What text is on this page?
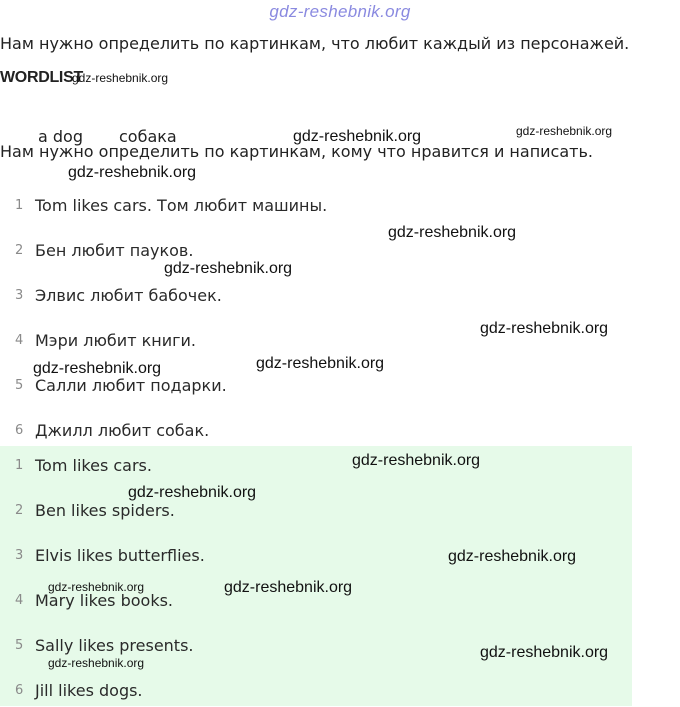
gdz-reshebnik.org
Нам нужно определить по картинкам, что любит каждый из персонажей.
WORDLIST
gdz-reshebnik.org
a dog собака
Нам нужно определить по картинкам, кому что нравится и написать.
1 Tom likes cars. Том любит машины.
2 Бен любит пауков.
3 Элвис любит бабочек.
4 Мэри любит книги.
5 Салли любит подарки.
6 Джилл любит собак.
1 Tom likes cars.
2 Ben likes spiders.
3 Elvis likes butterflies.
4 Mary likes books.
5 Sally likes presents.
6 Jill likes dogs.
gdz-reshebnik.org	gdz-reshebnik.org
gdz-reshebnik.org
gdz-reshebnik.org
gdz-reshebnik.org
gdz-reshebnik.org
gdz-reshebnik.org	gdz-reshebnik.org
gdz-reshebnik.org
gdz-reshebnik.org
gdz-reshebnik.org
gdz-reshebnik.org	gdz-reshebnik.org
gdz-reshebnik.org
gdz-reshebnik.org
